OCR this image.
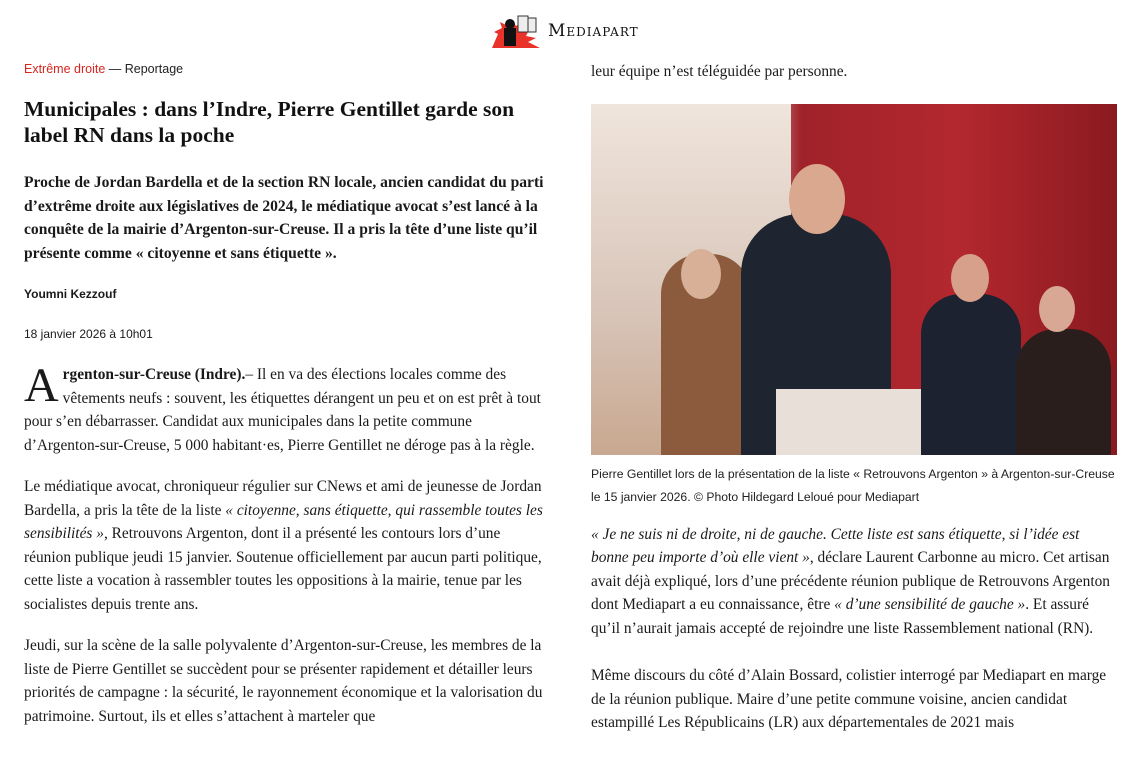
Mediapart
Extrême droite — Reportage
Municipales : dans l’Indre, Pierre Gentillet garde son label RN dans la poche
Proche de Jordan Bardella et de la section RN locale, ancien candidat du parti d’extrême droite aux législatives de 2024, le médiatique avocat s’est lancé à la conquête de la mairie d’Argenton-sur-Creuse. Il a pris la tête d’une liste qu’il présente comme « citoyenne et sans étiquette ».
Youmni Kezzouf
18 janvier 2026 à 10h01

Argenton-sur-Creuse (Indre).– Il en va des élections locales comme des vêtements neufs : souvent, les étiquettes dérangent un peu et on est prêt à tout pour s’en débarrasser. Candidat aux municipales dans la petite commune d’Argenton-sur-Creuse, 5 000 habitant·es, Pierre Gentillet ne déroge pas à la règle.

Le médiatique avocat, chroniqueur régulier sur CNews et ami de jeunesse de Jordan Bardella, a pris la tête de la liste « citoyenne, sans étiquette, qui rassemble toutes les sensibilités », Retrouvons Argenton, dont il a présenté les contours lors d’une réunion publique jeudi 15 janvier. Soutenue officiellement par aucun parti politique, cette liste a vocation à rassembler toutes les oppositions à la mairie, tenue par les socialistes depuis trente ans.

Jeudi, sur la scène de la salle polyvalente d’Argenton-sur-Creuse, les membres de la liste de Pierre Gentillet se succèdent pour se présenter rapidement et détailler leurs priorités de campagne : la sécurité, le rayonnement économique et la valorisation du patrimoine. Surtout, ils et elles s’attachent à marteler que

leur équipe n’est téléguidée par personne.

Pierre Gentillet lors de la présentation de la liste « Retrouvons Argenton » à Argenton-sur-Creuse le 15 janvier 2026. © Photo Hildegard Leloué pour Mediapart

« Je ne suis ni de droite, ni de gauche. Cette liste est sans étiquette, si l’idée est bonne peu importe d’où elle vient », déclare Laurent Carbonne au micro. Cet artisan avait déjà expliqué, lors d’une précédente réunion publique de Retrouvons Argenton dont Mediapart a eu connaissance, être « d’une sensibilité de gauche ». Et assuré qu’il n’aurait jamais accepté de rejoindre une liste Rassemblement national (RN).

Même discours du côté d’Alain Bossard, colistier interrogé par Mediapart en marge de la réunion publique. Maire d’une petite commune voisine, ancien candidat estampillé Les Républicains (LR) aux départementales de 2021 mais
